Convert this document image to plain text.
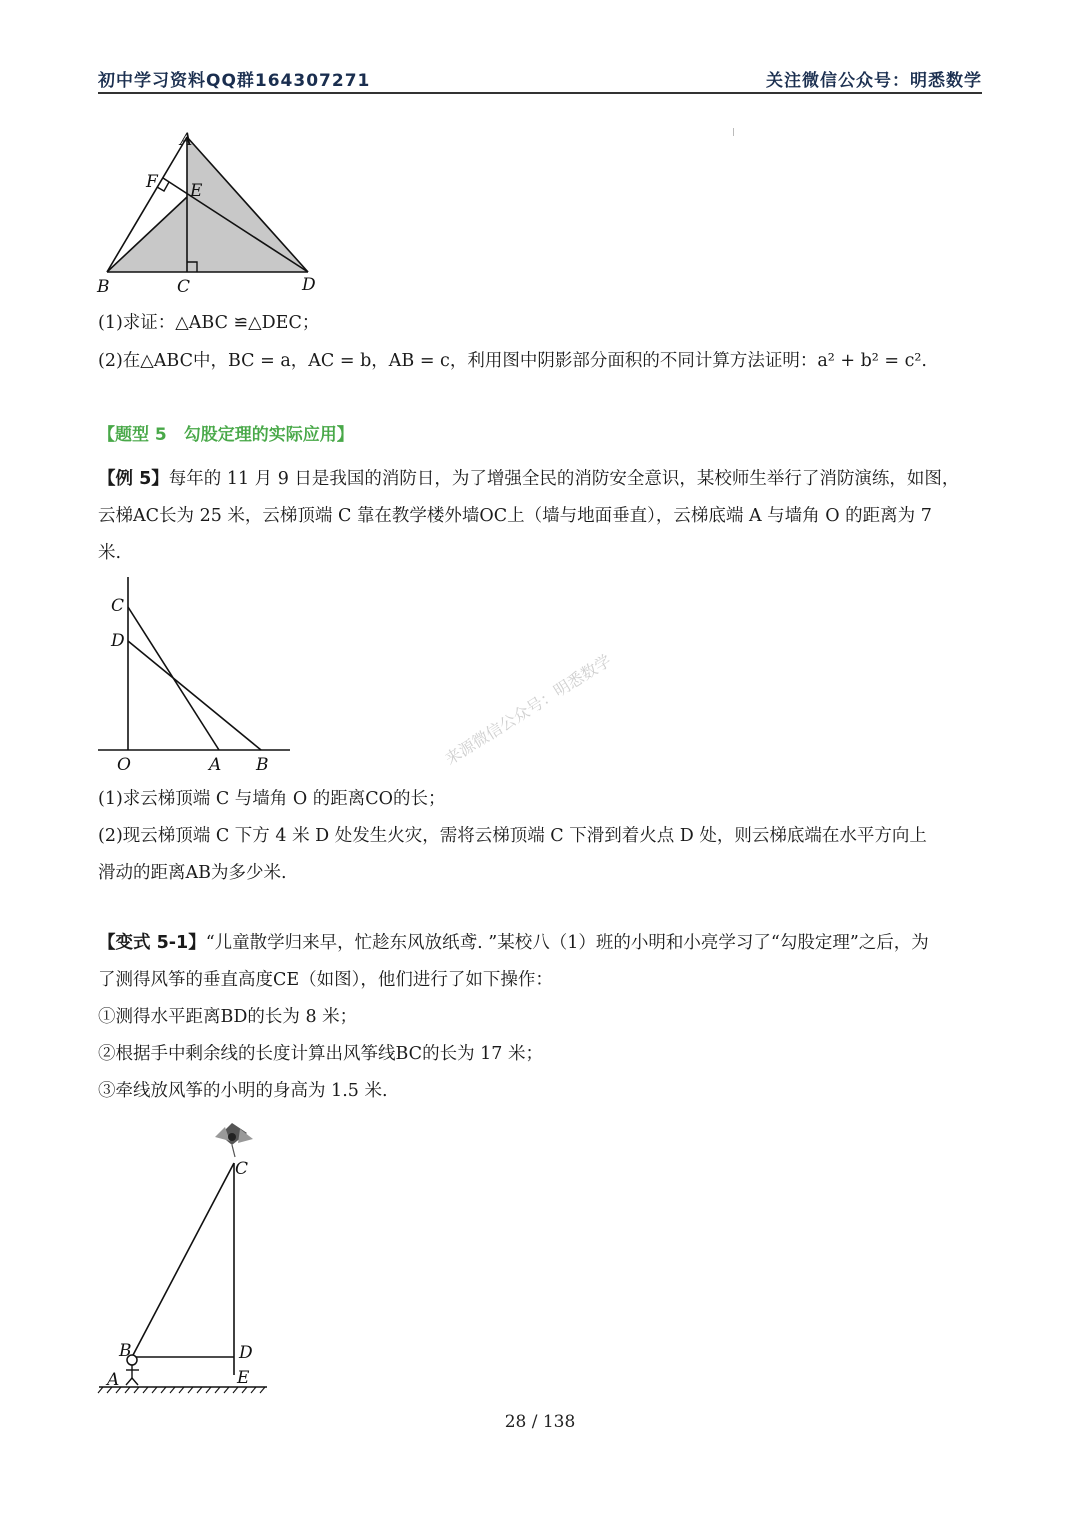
初中学习资料QQ群164307271	关注微信公众号：明悉数学
A
F E
B	C	D
(1)求证：△ABC ≌△DEC；
(2)在△ABC中，BC = a，AC = b，AB = c，利用图中阴影部分面积的不同计算方法证明：a² + b² = c².
【题型 5　勾股定理的实际应用】
【例 5】每年的 11 月 9 日是我国的消防日，为了增强全民的消防安全意识，某校师生举行了消防演练，如图，
云梯AC长为 25 米，云梯顶端 C 靠在教学楼外墙OC上（墙与地面垂直），云梯底端 A 与墙角 O 的距离为 7
米.
C
D
O	A B	来源微信公众号：明悉数学
(1)求云梯顶端 C 与墙角 O 的距离CO的长；
(2)现云梯顶端 C 下方 4 米 D 处发生火灾，需将云梯顶端 C 下滑到着火点 D 处，则云梯底端在水平方向上
滑动的距离AB为多少米.
【变式 5-1】“儿童散学归来早，忙趁东风放纸鸢. ”某校八（1）班的小明和小亮学习了“勾股定理”之后，为
了测得风筝的垂直高度CE（如图），他们进行了如下操作：
①测得水平距离BD的长为 8 米；
②根据手中剩余线的长度计算出风筝线BC的长为 17 米；
③牵线放风筝的小明的身高为 1.5 米.
C
B	D
A	E
28 / 138
